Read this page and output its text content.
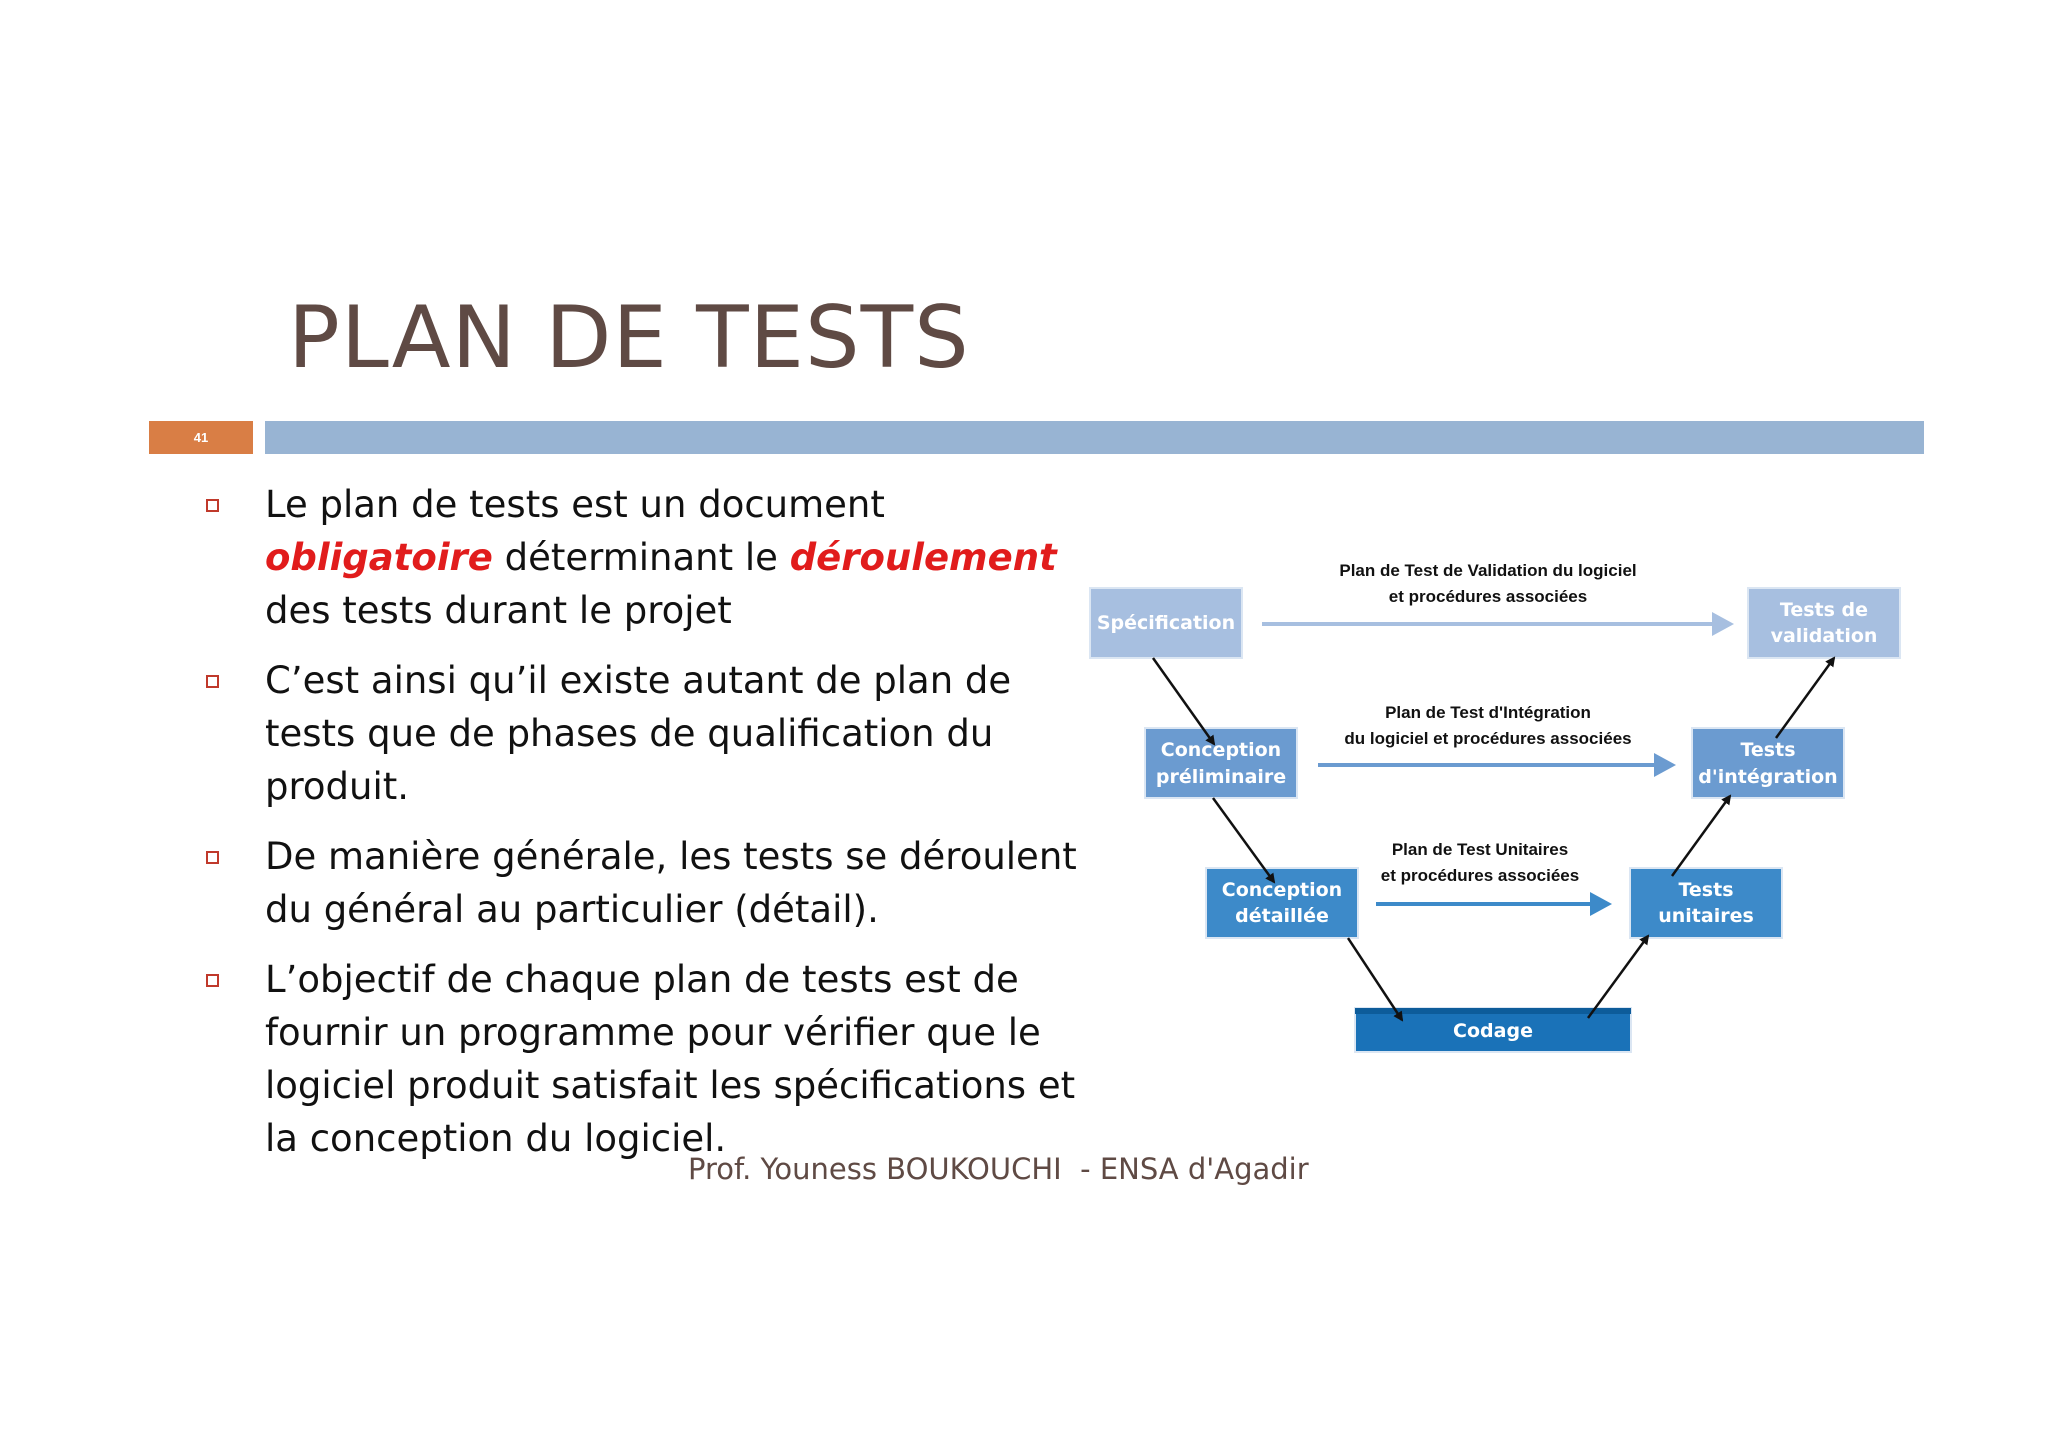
PLAN DE TESTS
41
Le plan de tests est un document obligatoire déterminant le déroulement des tests durant le projet
C’est ainsi qu’il existe autant de plan de tests que de phases de qualification du produit.
De manière générale, les tests se déroulent du général au particulier (détail).
L’objectif de chaque plan de tests est de fournir un programme pour vérifier que le logiciel produit satisfait les spécifications et la conception du logiciel.
Spécification
Conception
préliminaire
Conception
détaillée
Codage
Tests
unitaires
Tests
d'intégration
Tests de
validation
Plan de Test de Validation du logiciel
et procédures associées
Plan de Test d'Intégration
du logiciel et procédures associées
Plan de Test Unitaires
et procédures associées
Prof. Youness BOUKOUCHI  - ENSA d'Agadir
